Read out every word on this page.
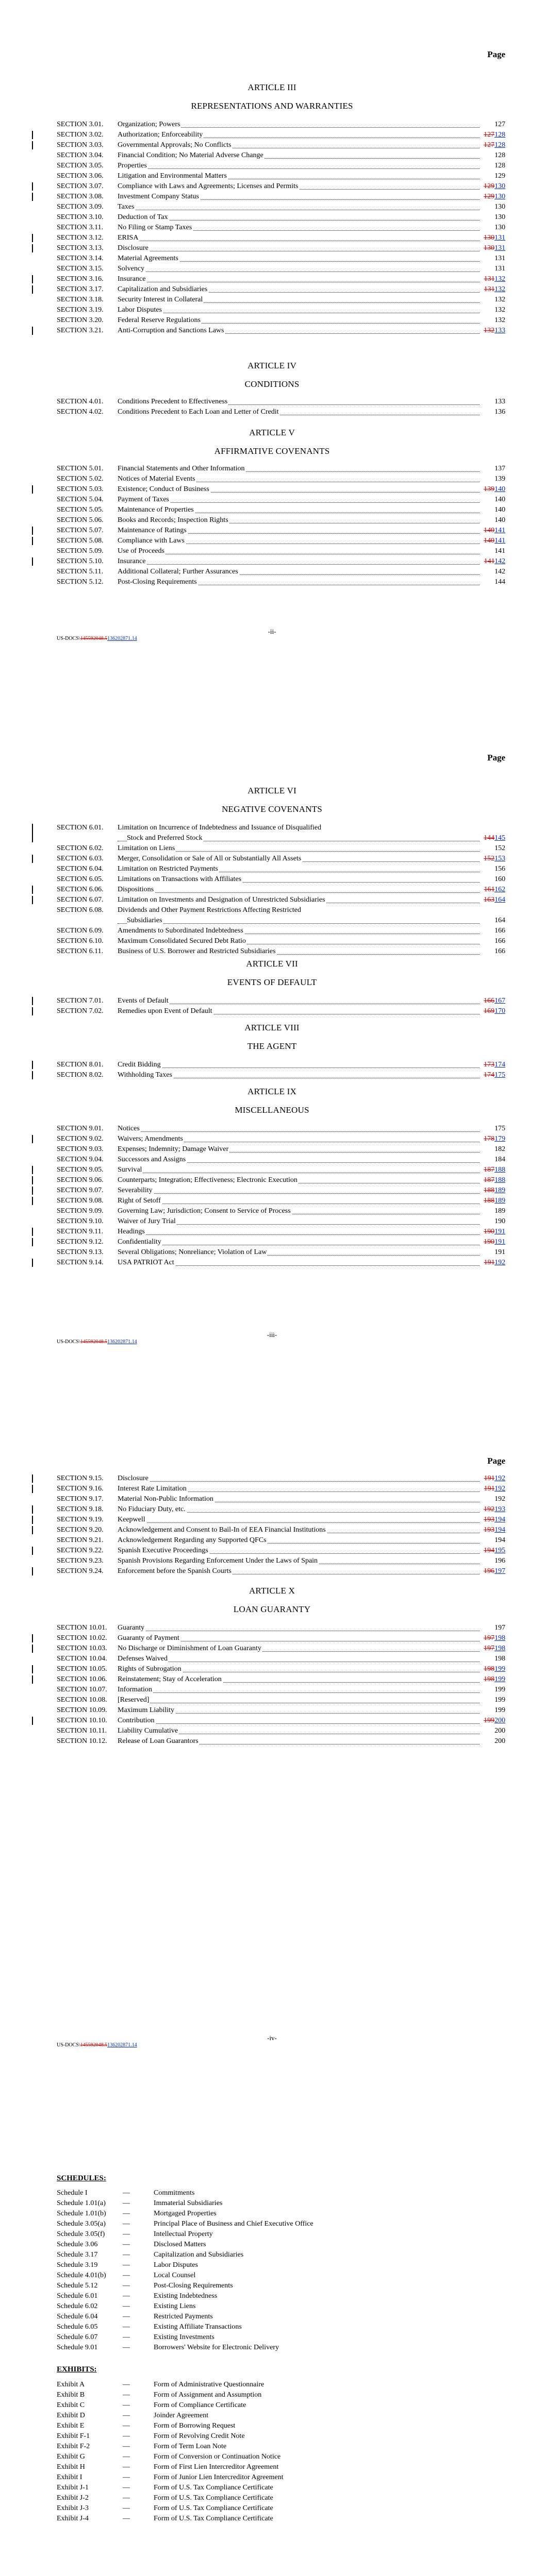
Page
ARTICLE III
REPRESENTATIONS AND WARRANTIES
SECTION 3.01. Organization; Powers	127
SECTION 3.02. Authorization; Enforceability	127128
SECTION 3.03. Governmental Approvals; No Conflicts	127128
SECTION 3.04. Financial Condition; No Material Adverse Change	128
SECTION 3.05. Properties	128
SECTION 3.06. Litigation and Environmental Matters	129
SECTION 3.07. Compliance with Laws and Agreements; Licenses and Permits	129130
SECTION 3.08. Investment Company Status	129130
SECTION 3.09. Taxes	130
SECTION 3.10. Deduction of Tax	130
SECTION 3.11. No Filing or Stamp Taxes	130
SECTION 3.12. ERISA	130131
SECTION 3.13. Disclosure	130131
SECTION 3.14. Material Agreements	131
SECTION 3.15. Solvency	131
SECTION 3.16. Insurance	131132
SECTION 3.17. Capitalization and Subsidiaries	131132
SECTION 3.18. Security Interest in Collateral	132
SECTION 3.19. Labor Disputes	132
SECTION 3.20. Federal Reserve Regulations	132
SECTION 3.21. Anti-Corruption and Sanctions Laws	132133
ARTICLE IV
CONDITIONS
SECTION 4.01. Conditions Precedent to Effectiveness	133
SECTION 4.02. Conditions Precedent to Each Loan and Letter of Credit	136
ARTICLE V
AFFIRMATIVE COVENANTS
SECTION 5.01. Financial Statements and Other Information	137
SECTION 5.02. Notices of Material Events	139
SECTION 5.03. Existence; Conduct of Business	139140
SECTION 5.04. Payment of Taxes	140
SECTION 5.05. Maintenance of Properties	140
SECTION 5.06. Books and Records; Inspection Rights	140
SECTION 5.07. Maintenance of Ratings	140141
SECTION 5.08. Compliance with Laws	140141
SECTION 5.09. Use of Proceeds	141
SECTION 5.10. Insurance	141142
SECTION 5.11. Additional Collateral; Further Assurances	142
SECTION 5.12. Post-Closing Requirements	144
US-DOCS\145592048.5136202871.14
-ii-
Page
ARTICLE VI
NEGATIVE COVENANTS
SECTION 6.01. Limitation on Incurrence of Indebtedness and Issuance of Disqualified
Stock and Preferred Stock	144145
SECTION 6.02. Limitation on Liens	152
SECTION 6.03. Merger, Consolidation or Sale of All or Substantially All Assets	152153
SECTION 6.04. Limitation on Restricted Payments	156
SECTION 6.05. Limitations on Transactions with Affiliates	160
SECTION 6.06. Dispositions	161162
SECTION 6.07. Limitation on Investments and Designation of Unrestricted Subsidiaries	163164
SECTION 6.08. Dividends and Other Payment Restrictions Affecting Restricted
Subsidiaries	164
SECTION 6.09. Amendments to Subordinated Indebtedness	166
SECTION 6.10. Maximum Consolidated Secured Debt Ratio	166
SECTION 6.11. Business of U.S. Borrower and Restricted Subsidiaries	166
ARTICLE VII
EVENTS OF DEFAULT
SECTION 7.01. Events of Default	166167
SECTION 7.02. Remedies upon Event of Default	169170
ARTICLE VIII
THE AGENT
SECTION 8.01. Credit Bidding	173174
SECTION 8.02. Withholding Taxes	174175
ARTICLE IX
MISCELLANEOUS
SECTION 9.01. Notices	175
SECTION 9.02. Waivers; Amendments	178179
SECTION 9.03. Expenses; Indemnity; Damage Waiver	182
SECTION 9.04. Successors and Assigns	184
SECTION 9.05. Survival	187188
SECTION 9.06. Counterparts; Integration; Effectiveness; Electronic Execution	187188
SECTION 9.07. Severability	188189
SECTION 9.08. Right of Setoff	188189
SECTION 9.09. Governing Law; Jurisdiction; Consent to Service of Process	189
SECTION 9.10. Waiver of Jury Trial	190
SECTION 9.11. Headings	190191
SECTION 9.12. Confidentiality	190191
SECTION 9.13. Several Obligations; Nonreliance; Violation of Law	191
SECTION 9.14. USA PATRIOT Act	191192
US-DOCS\145592048.5136202871.14
-iii-
Page
SECTION 9.15. Disclosure	191192
SECTION 9.16. Interest Rate Limitation	191192
SECTION 9.17. Material Non-Public Information	192
SECTION 9.18. No Fiduciary Duty, etc.	192193
SECTION 9.19. Keepwell	193194
SECTION 9.20. Acknowledgement and Consent to Bail-In of EEA Financial Institutions	193194
SECTION 9.21. Acknowledgement Regarding any Supported QFCs	194
SECTION 9.22. Spanish Executive Proceedings	194195
SECTION 9.23. Spanish Provisions Regarding Enforcement Under the Laws of Spain	196
SECTION 9.24. Enforcement before the Spanish Courts	196197
ARTICLE X
LOAN GUARANTY
SECTION 10.01. Guaranty	197
SECTION 10.02. Guaranty of Payment	197198
SECTION 10.03. No Discharge or Diminishment of Loan Guaranty	197198
SECTION 10.04. Defenses Waived	198
SECTION 10.05. Rights of Subrogation	198199
SECTION 10.06. Reinstatement; Stay of Acceleration	198199
SECTION 10.07. Information	199
SECTION 10.08. [Reserved]	199
SECTION 10.09. Maximum Liability	199
SECTION 10.10. Contribution	199200
SECTION 10.11. Liability Cumulative	200
SECTION 10.12. Release of Loan Guarantors	200
US-DOCS\145592048.5136202871.14
-iv-
SCHEDULES:
Schedule I	—	Commitments
Schedule 1.01(a) —	Immaterial Subsidiaries
Schedule 1.01(b) —	Mortgaged Properties
Schedule 3.05(a) —	Principal Place of Business and Chief Executive Office
Schedule 3.05(f) —	Intellectual Property
Schedule 3.06	—	Disclosed Matters
Schedule 3.17	—	Capitalization and Subsidiaries
Schedule 3.19	—	Labor Disputes
Schedule 4.01(b) —	Local Counsel
Schedule 5.12	—	Post-Closing Requirements
Schedule 6.01	—	Existing Indebtedness
Schedule 6.02	—	Existing Liens
Schedule 6.04	—	Restricted Payments
Schedule 6.05	—	Existing Affiliate Transactions
Schedule 6.07	—	Existing Investments
Schedule 9.01	—	Borrowers' Website for Electronic Delivery
EXHIBITS:
Exhibit A	—	Form of Administrative Questionnaire
Exhibit B	—	Form of Assignment and Assumption
Exhibit C	—	Form of Compliance Certificate
Exhibit D	—	Joinder Agreement
Exhibit E	—	Form of Borrowing Request
Exhibit F-1	—	Form of Revolving Credit Note
Exhibit F-2	—	Form of Term Loan Note
Exhibit G	—	Form of Conversion or Continuation Notice
Exhibit H	—	Form of First Lien Intercreditor Agreement
Exhibit I	—	Form of Junior Lien Intercreditor Agreement
Exhibit J-1	—	Form of U.S. Tax Compliance Certificate
Exhibit J-2	—	Form of U.S. Tax Compliance Certificate
Exhibit J-3	—	Form of U.S. Tax Compliance Certificate
Exhibit J-4	—	Form of U.S. Tax Compliance Certificate
